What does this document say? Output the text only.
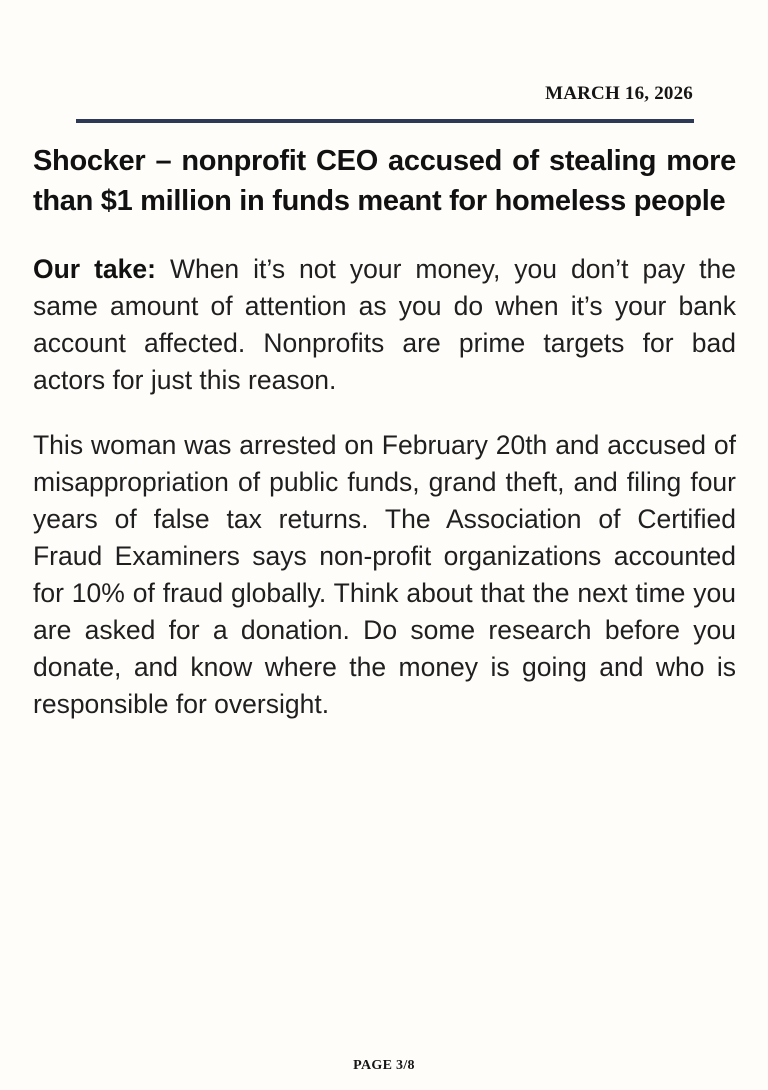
MARCH 16, 2026
Shocker – nonprofit CEO accused of stealing more than $1 million in funds meant for homeless people

Our take: When it’s not your money, you don’t pay the same amount of attention as you do when it’s your bank account affected. Nonprofits are prime targets for bad actors for just this reason.

This woman was arrested on February 20th and accused of misappropriation of public funds, grand theft, and filing four years of false tax returns. The Association of Certified Fraud Examiners says non-profit organizations accounted for 10% of fraud globally. Think about that the next time you are asked for a donation. Do some research before you donate, and know where the money is going and who is responsible for oversight.

PAGE 3/8
